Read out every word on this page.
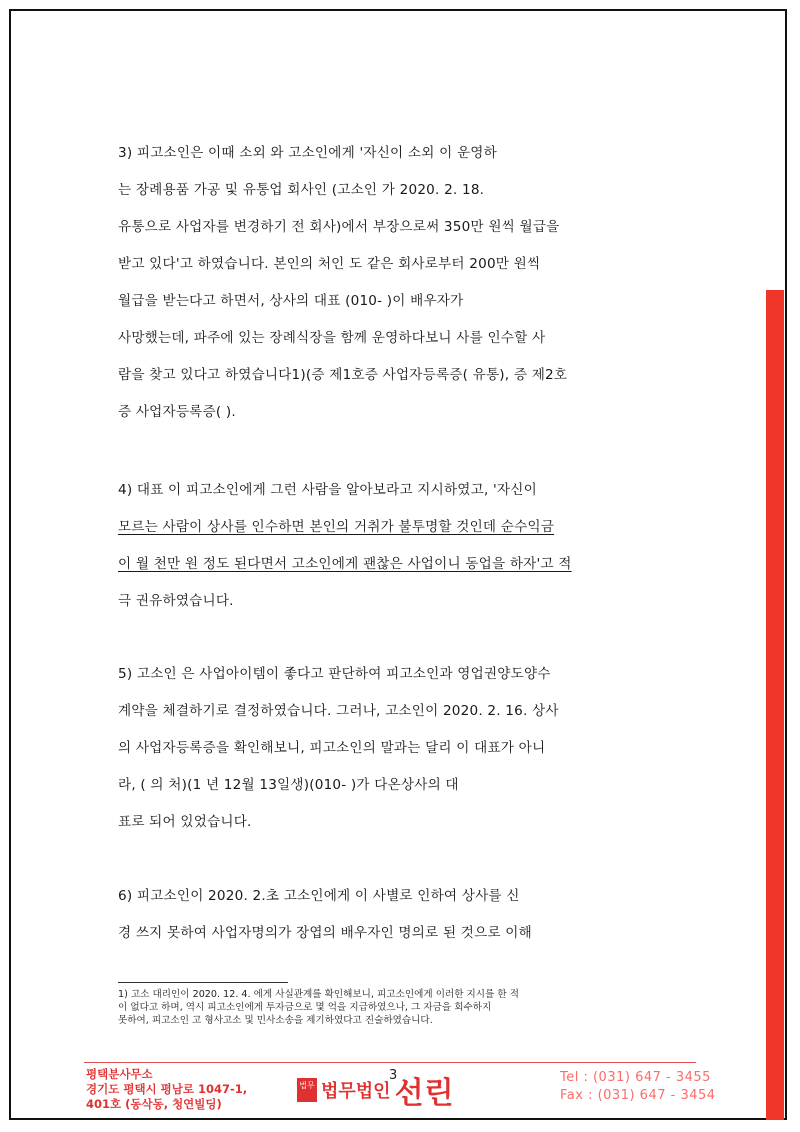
3) 피고소인은 이때 소외 와 고소인에게 '자신이 소외 이 운영하
는 장례용품 가공 및 유통업 회사인 (고소인 가 2020. 2. 18.
유통으로 사업자를 변경하기 전 회사)에서 부장으로써 350만 원씩 월급을
받고 있다'고 하였습니다. 본인의 처인 도 같은 회사로부터 200만 원씩
월급을 받는다고 하면서, 상사의 대표 (010- )이 배우자가
사망했는데, 파주에 있는 장례식장을 함께 운영하다보니 사를 인수할 사
람을 찾고 있다고 하였습니다1)(증 제1호증 사업자등록증( 유통), 증 제2호
증 사업자등록증( ).
4) 대표 이 피고소인에게 그런 사람을 알아보라고 지시하였고, '자신이
모르는 사람이 상사를 인수하면 본인의 거취가 불투명할 것인데 순수익금
이 월 천만 원 정도 된다면서 고소인에게 괜찮은 사업이니 동업을 하자'고 적
극 권유하였습니다.
5) 고소인 은 사업아이템이 좋다고 판단하여 피고소인과 영업권양도양수
계약을 체결하기로 결정하였습니다. 그러나, 고소인이 2020. 2. 16. 상사
의 사업자등록증을 확인해보니, 피고소인의 말과는 달리 이 대표가 아니
라, ( 의 처)(1 년 12월 13일생)(010- )가 다온상사의 대
표로 되어 있었습니다.
6) 피고소인이 2020. 2.초 고소인에게 이 사별로 인하여 상사를 신
경 쓰지 못하여 사업자명의가 장엽의 배우자인 명의로 된 것으로 이해
1) 고소 대리인이 2020. 12. 4. 에게 사실관계를 확인해보니, 피고소인에게 이러한 지시를 한 적
이 없다고 하며, 역시 피고소인에게 투자금으로 몇 억을 지급하였으나, 그 자금을 회수하지
못하여, 피고소인 고 형사고소 및 민사소송을 제기하였다고 진술하였습니다.
평택분사무소
경기도 평택시 평남로 1047-1,
401호 (동삭동, 청연빌딩)
법무 법무법인 선린
3	Tel : (031) 647 - 3455
Fax : (031) 647 - 3454
